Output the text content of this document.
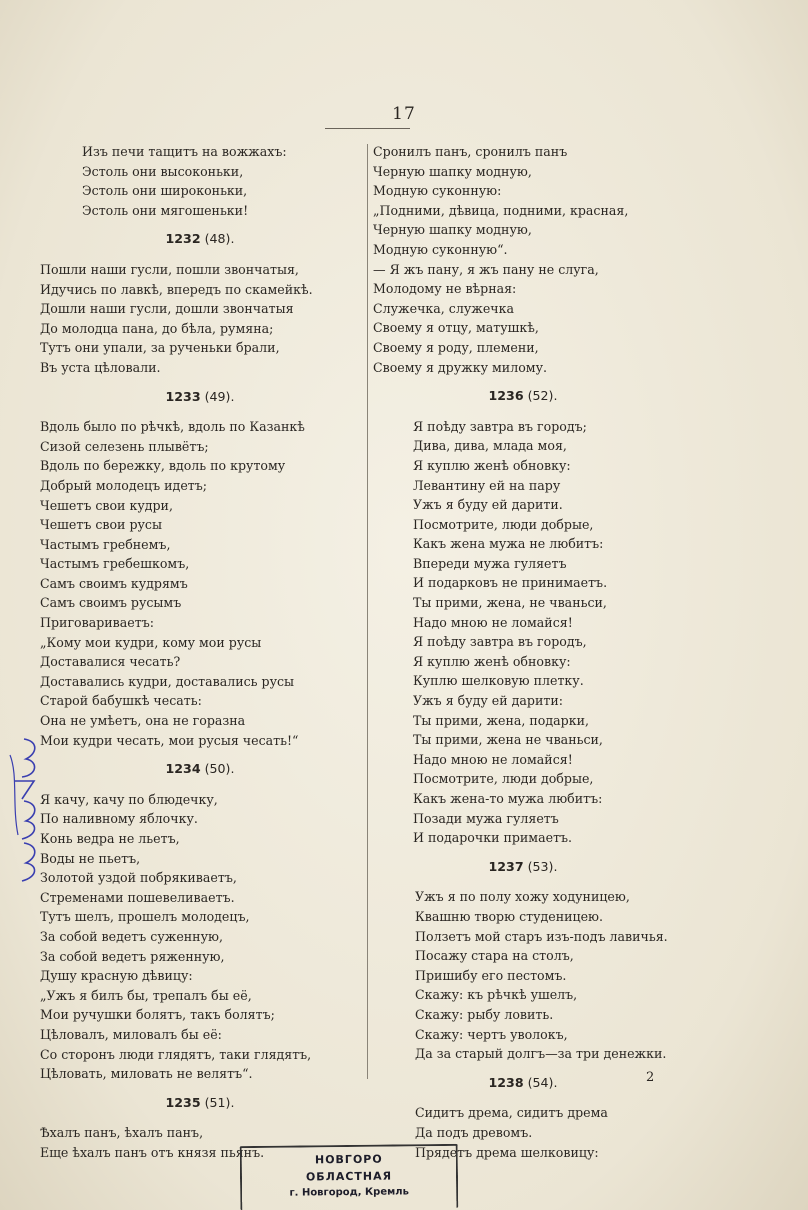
17
Изъ печи тащитъ на вожжахъ:
Эстоль они высоконьки,
Эстоль они широконьки,
Эстоль они мягошеньки!
1232 (48).
Пошли наши гусли, пошли звончатыя,
Идучись по лавкѣ, впередъ по скамейкѣ.
Дошли наши гусли, дошли звончатыя
До молодца пана, до бѣла, румяна;
Тутъ они упали, за рученьки брали,
Въ уста цѣловали.
1233 (49).
Вдоль было по рѣчкѣ, вдоль по Казанкѣ
Сизой селезень плывётъ;
Вдоль по бережку, вдоль по крутому
Добрый молодецъ идетъ;
Чешетъ свои кудри,
Чешетъ свои русы
Частымъ гребнемъ,
Частымъ гребешкомъ,
Самъ своимъ кудрямъ
Самъ своимъ русымъ
Приговариваетъ:
„Кому мои кудри, кому мои русы
Доставалися чесать?
Доставались кудри, доставались русы
Старой бабушкѣ чесать:
Она не умѣетъ, она не горазна
Мои кудри чесать, мои русыя чесать!“
1234 (50).
Я качу, качу по блюдечку,
По наливному яблочку.
Конь ведра не льетъ,
Воды не пьетъ,
Золотой уздой побрякиваетъ,
Стременами пошевеливаетъ.
Тутъ шелъ, прошелъ молодецъ,
За собой ведетъ суженную,
За собой ведетъ ряженную,
Душу красную дѣвицу:
„Ужъ я билъ бы, трепалъ бы её,
Мои ручушки болятъ, такъ болятъ;
Цѣловалъ, миловалъ бы её:
Со сторонъ люди глядятъ, таки глядятъ,
Цѣловать, миловать не велятъ“.
1235 (51).
Ѣхалъ панъ, ѣхалъ панъ,
Еще ѣхалъ панъ отъ князя пьянъ.
Сронилъ панъ, сронилъ панъ
Черную шапку модную,
Модную суконную:
„Подними, дѣвица, подними, красная,
Черную шапку модную,
Модную суконную“.
— Я жъ пану, я жъ пану не слуга,
Молодому не вѣрная:
Служечка, служечка
Своему я отцу, матушкѣ,
Своему я роду, племени,
Своему я дружку милому.
1236 (52).
Я поѣду завтра въ городъ;
Дива, дива, млада моя,
Я куплю женѣ обновку:
Левантину ей на пару
Ужъ я буду ей дарити.
Посмотрите, люди добрые,
Какъ жена мужа не любитъ:
Впереди мужа гуляетъ
И подарковъ не принимаетъ.
Ты прими, жена, не чваньси,
Надо мною не ломайся!
Я поѣду завтра въ городъ,
Я куплю женѣ обновку:
Куплю шелковую плетку.
Ужъ я буду ей дарити:
Ты прими, жена, подарки,
Ты прими, жена не чваньси,
Надо мною не ломайся!
Посмотрите, люди добрые,
Какъ жена-то мужа любитъ:
Позади мужа гуляетъ
И подарочки примаетъ.
1237 (53).
Ужъ я по полу хожу ходуницею,
Квашню творю студеницею.
Ползетъ мой старъ изъ-подъ лавичья.
Посажу стара на столъ,
Пришибу его пестомъ.
Скажу: къ рѣчкѣ ушелъ,
Скажу: рыбу ловить.
Скажу: чертъ уволокъ,
Да за старый долгъ—за три денежки.
1238 (54).
Сидитъ дрема, сидитъ дрема
Да подъ древомъ.
Прядетъ дрема шелковицу:
2
НОВГОРО
ОБЛАСТНАЯ
г. Новгород, Кремль
